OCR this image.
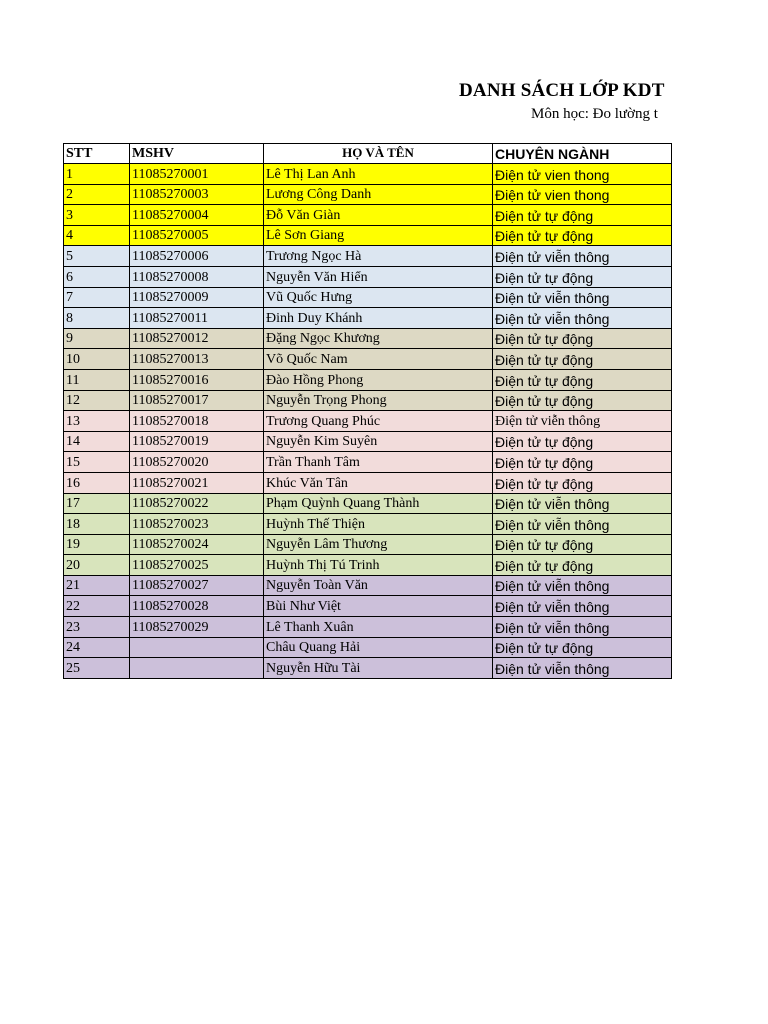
DANH SÁCH LỚP KDT
Môn học: Đo lường t
STT	MSHV	HỌ VÀ TÊN	CHUYÊN NGÀNH
1	11085270001	Lê Thị Lan Anh	Điện tử vien thong
2	11085270003	Lương Công Danh	Điện tử vien thong
3	11085270004	Đỗ Văn Giàn	Điện tử tự động
4	11085270005	Lê Sơn Giang	Điện tử tự động
5	11085270006	Trương Ngọc Hà	Điện tử viễn thông
6	11085270008	Nguyễn Văn Hiển	Điện tử tự động
7	11085270009	Vũ Quốc Hưng	Điện tử viễn thông
8	11085270011	Đinh Duy Khánh	Điện tử viễn thông
9	11085270012	Đặng Ngọc Khương	Điện tử tự động
10	11085270013	Võ Quốc Nam	Điện tử tự động
11	11085270016	Đào Hồng Phong	Điện tử tự động
12	11085270017	Nguyễn Trọng Phong	Điện tử tự động
13	11085270018	Trương Quang Phúc	Điện tử viễn thông
14	11085270019	Nguyễn Kim Suyên	Điện tử tự động
15	11085270020	Trần Thanh Tâm	Điện tử tự động
16	11085270021	Khúc Văn Tân	Điện tử tự động
17	11085270022	Phạm Quỳnh Quang Thành	Điện tử viễn thông
18	11085270023	Huỳnh Thế Thiện	Điện tử viễn thông
19	11085270024	Nguyễn Lâm Thương	Điện tử tự động
20	11085270025	Huỳnh Thị Tú Trinh	Điện tử tự động
21	11085270027	Nguyễn Toàn Văn	Điện tử viễn thông
22	11085270028	Bùi Như Việt	Điện tử viễn thông
23	11085270029	Lê Thanh Xuân	Điện tử viễn thông
24		Châu Quang Hải	Điện tử tự động
25		Nguyễn Hữu Tài	Điện tử viễn thông
